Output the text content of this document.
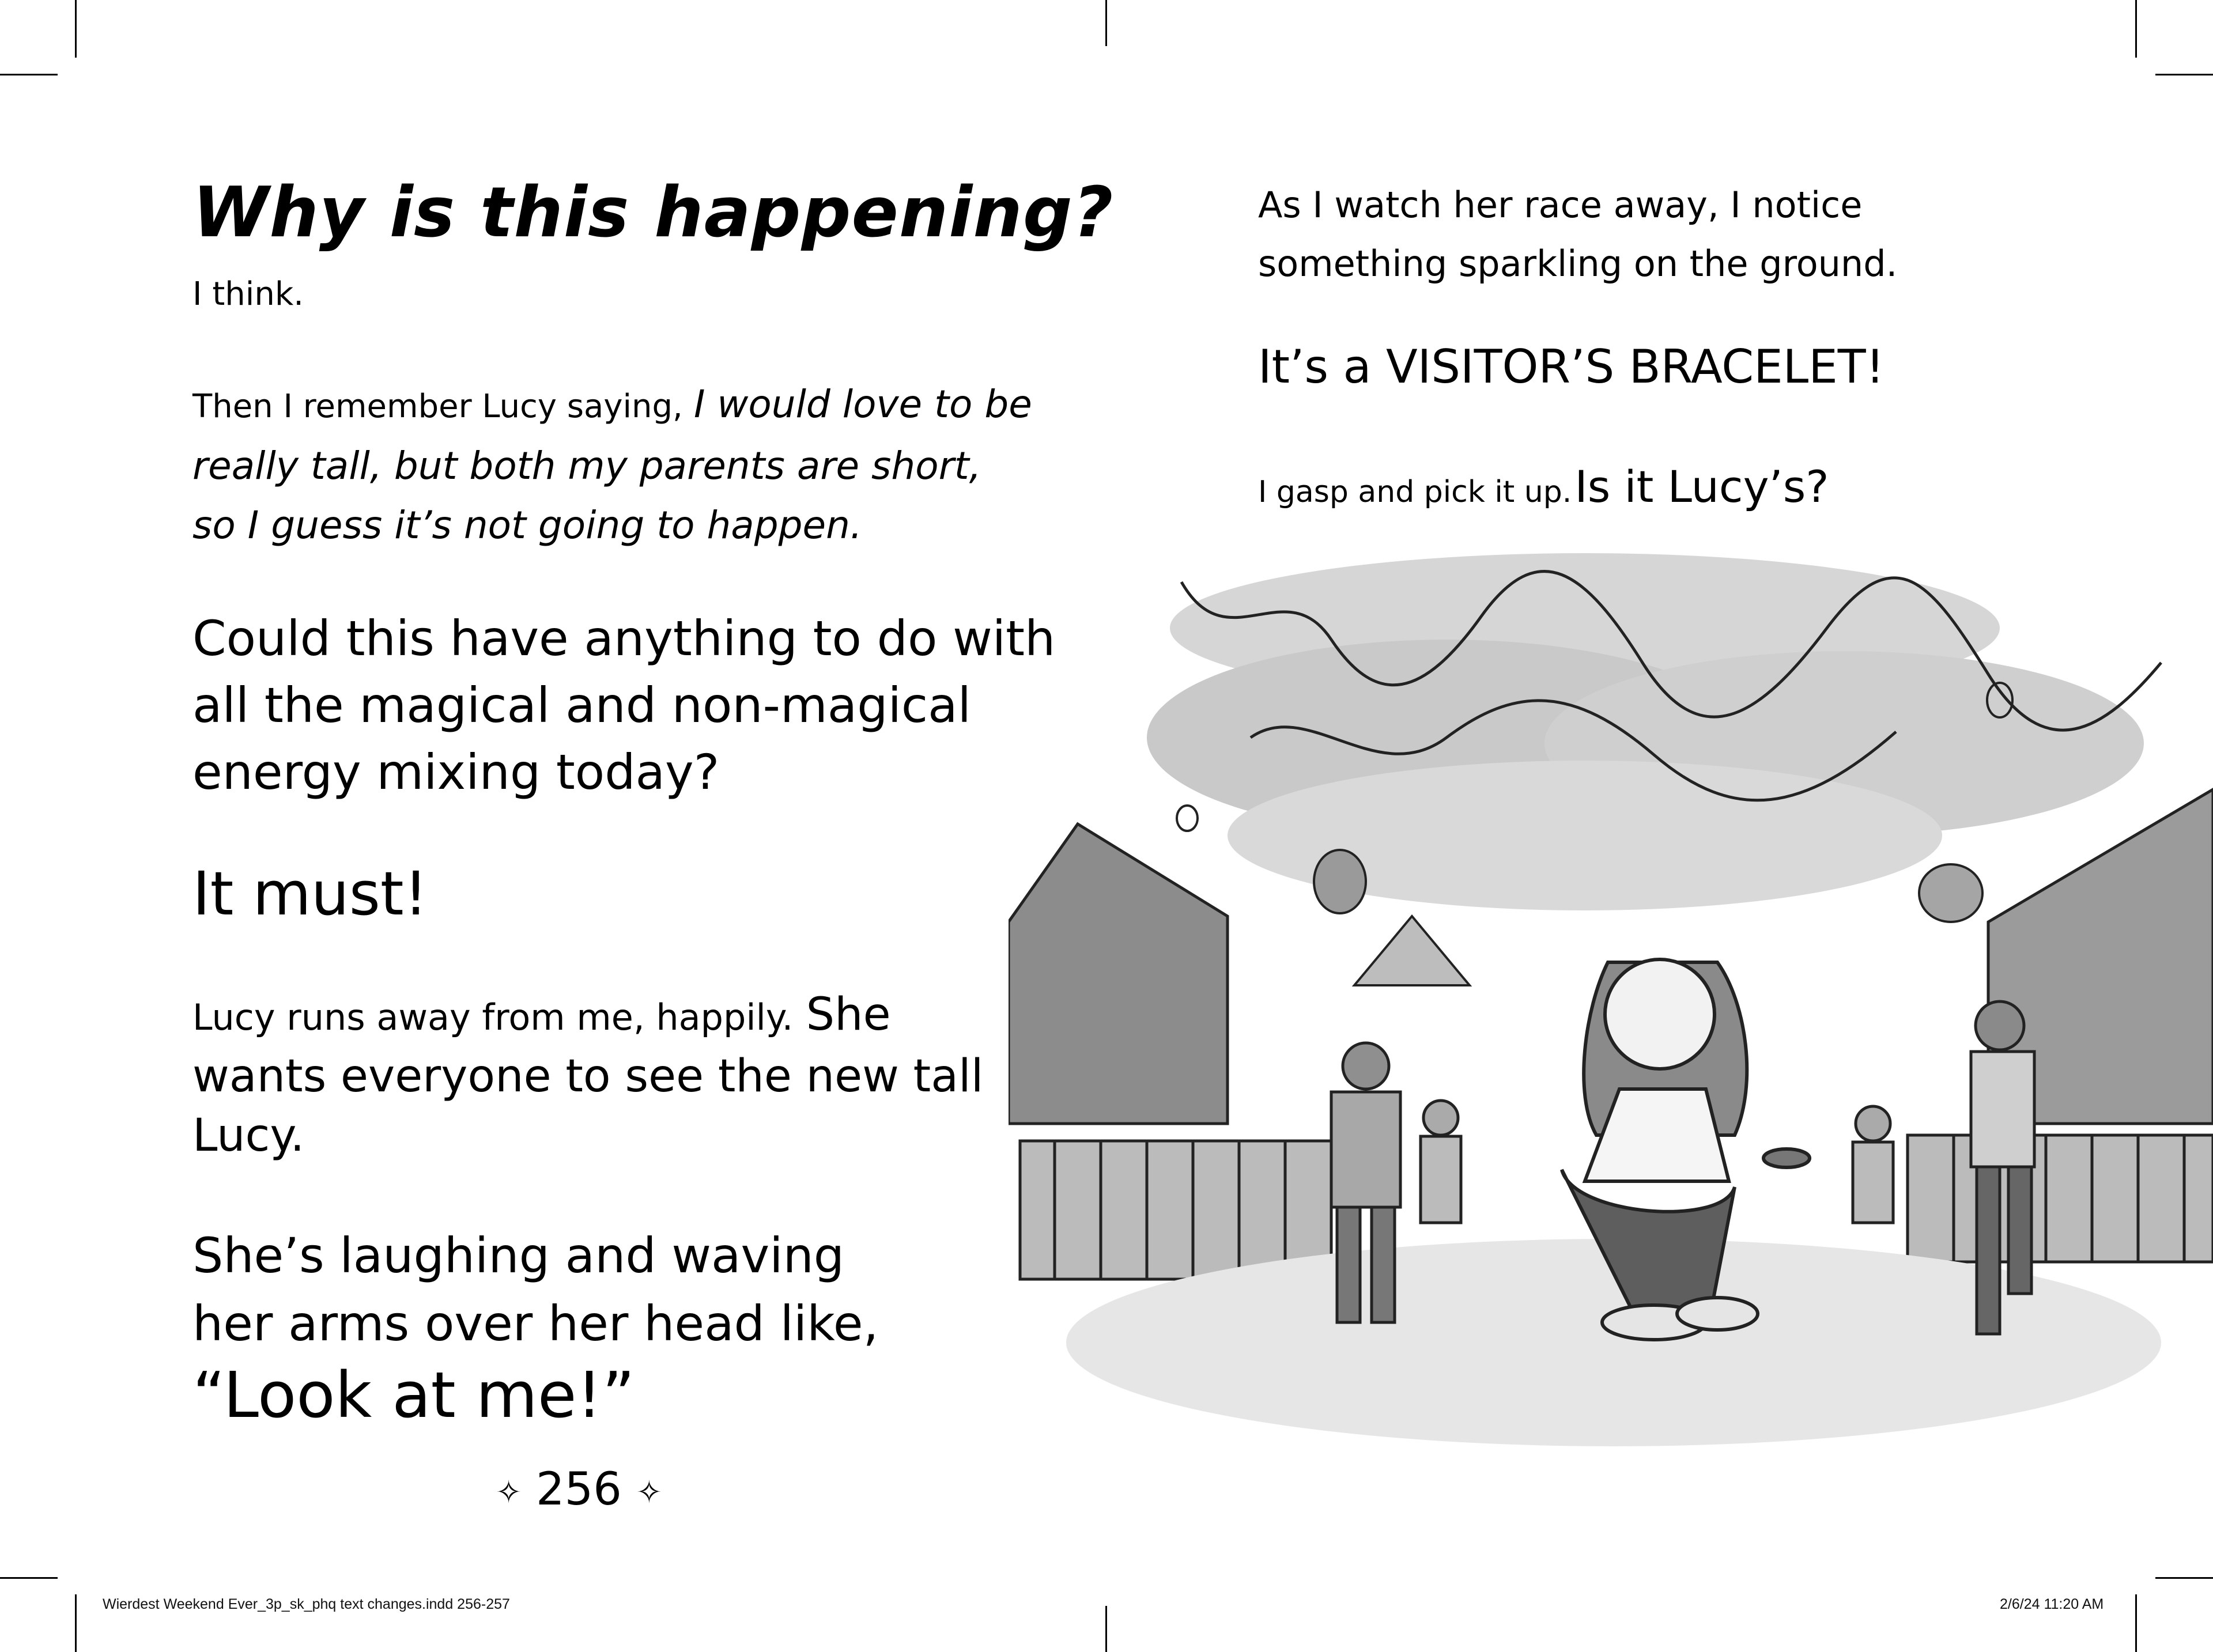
Why is this happening?
I think.
Then I remember Lucy saying, I would love to be
really tall, but both my parents are short,
so I guess it’s not going to happen.
Could this have anything to do with
all the magical and non-magical
energy mixing today?
It must!
Lucy runs away from me, happily. She
wants everyone to see the new tall
Lucy.
She’s laughing and waving
her arms over her head like,
“Look at me!”
✧ 256 ✧
As I watch her race away, I notice
something sparkling on the ground.
It’s a VISITOR’S BRACELET!
I gasp and pick it up. Is it Lucy’s?
Wierdest Weekend Ever_3p_sk_phq text changes.indd 256-257	2/6/24 11:20 AM
